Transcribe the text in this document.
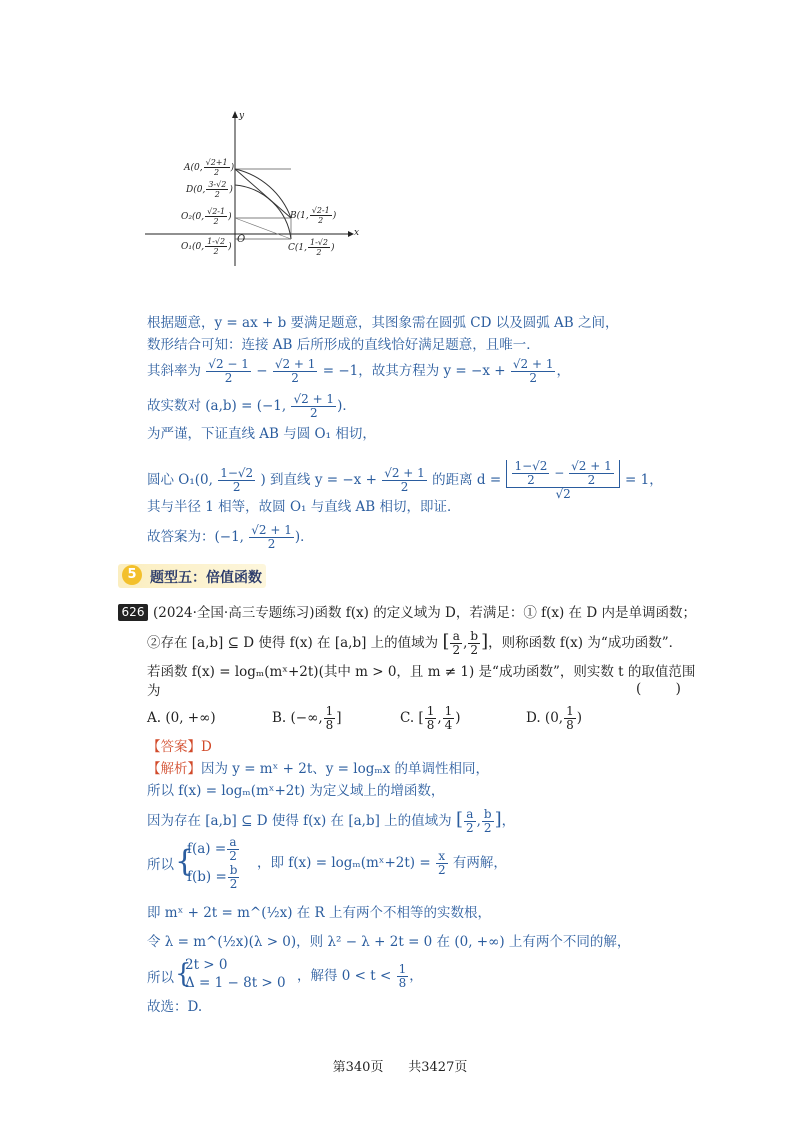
y
x
O
A(0, $\frac{√2+1}{2}$ )
D(0, $\frac{3-√2}{2}$ )
O₂(0, $\frac{√2-1}{2}$ )
O₁(0, $\frac{1-√2}{2}$ )
B(1, $\frac{√2-1}{2}$ )
C(1, $\frac{1-√2}{2}$ )
根据题意，y = ax + b 要满足题意，其图象需在圆弧 CD 以及圆弧 AB 之间，
数形结合可知：连接 AB 后所形成的直线恰好满足题意，且唯一．
其斜率为 $\frac{√2 - 1}{2} - \frac{√2 + 1}{2} = -1$，故其方程为 $y = -x + \frac{√2 + 1}{2}$ ，
故实数对 (a,b) = (−1, $\frac{√2 + 1}{2}$ )．
为严谨，下证直线 AB 与圆 O₁ 相切，
圆心 O₁(0, $\frac{1-√2}{2}$ ) 到直线 $y = -x + \frac{√2 + 1}{2}$ 的距离 $d = \frac{\frac{1-√2}{2} - \frac{√2 + 1}{2}}{√2} = 1$，
其与半径 1 相等，故圆 O₁ 与直线 AB 相切，即证．
故答案为：(−1, $\frac{√2 + 1}{2}$ )．
5 题型五：倍值函数
626 (2024·全国·高三专题练习)函数 f(x) 的定义域为 D，若满足：① f(x) 在 D 内是单调函数；
②存在 [a,b] ⊆ D 使得 f(x) 在 [a,b] 上的值域为 [ $\frac{a}{2}$ , $\frac{b}{2}$ ]，则称函数 f(x) 为“成功函数”．
若函数 f(x) = logₘ(mˣ+2t)(其中 m > 0，且 m ≠ 1) 是“成功函数”，则实数 t 的取值范围
为	(        )
A. (0, +∞)	B. (−∞, $\frac{1}{8}$ ]	C. [ $\frac{1}{8}$ , $\frac{1}{4}$ )	D. (0, $\frac{1}{8}$ )
【答案】D
【解析】因为 y = mˣ + 2t、y = logₘx 的单调性相同，
所以 f(x) = logₘ(mˣ+2t) 为定义域上的增函数，
因为存在 [a,b] ⊆ D 使得 f(x) 在 [a,b] 上的值域为 [ $\frac{a}{2}$ , $\frac{b}{2}$ ]，
所以 {
$f(a) = \frac{a}{2}$
$f(b) = \frac{b}{2}$
，即 f(x) = logₘ(mˣ+2t) = $\frac{x}{2}$ 有两解，
即 mˣ + 2t = m^(½x) 在 R 上有两个不相等的实数根，
令 λ = m^(½x)(λ > 0)，则 λ² − λ + 2t = 0 在 (0, +∞) 上有两个不同的解，
所以 {
2t > 0
Δ = 1 − 8t > 0 ，解得 $0 < t < \frac{1}{8}$ ，
故选：D.
第340页 共3427页
